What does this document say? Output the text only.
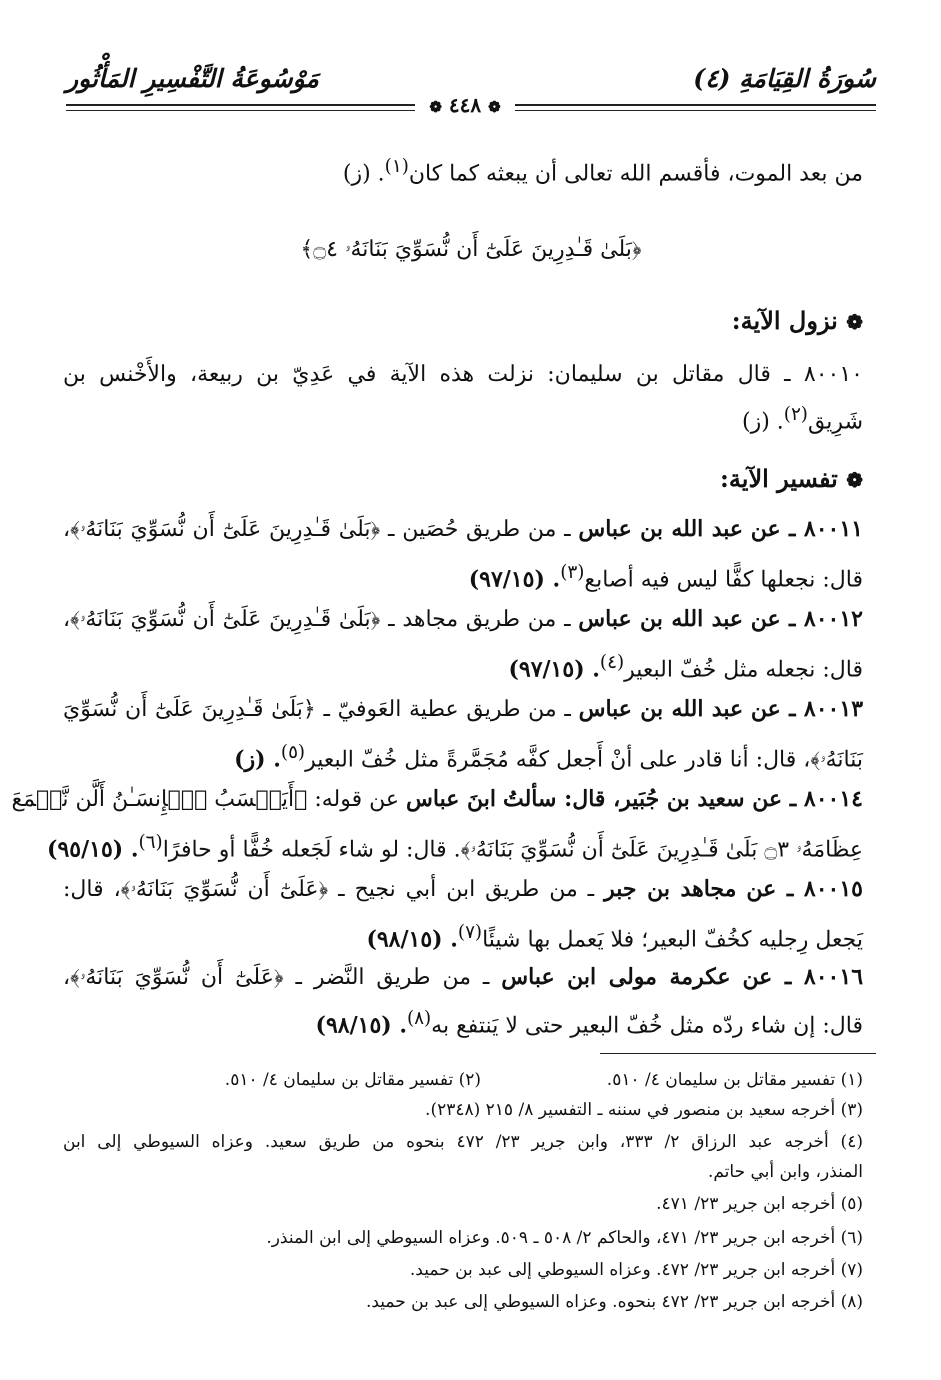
سُورَةُ القِيَامَةِ (٤)
مَوْسُوعَةُ التَّفْسِيرِ المَأْثُور
❁ ٤٤٨ ❁
من بعد الموت، فأقسم الله تعالى أن يبعثه كما كان$^{(١)}$. (ز)
﴿بَلَىٰ قَـٰدِرِينَ عَلَىٰٓ أَن نُّسَوِّيَ بَنَانَهُۥ ۝٤﴾
❁ نزول الآية:
٨٠٠١٠ ـ قال مقاتل بن سليمان: نزلت هذه الآية في عَدِيّ بن ربيعة، والأَخْنس بن
شَرِيق$^{(٢)}$. (ز)
❁ تفسير الآية:
٨٠٠١١ ـ عن عبد الله بن عباس ـ من طريق حُصَين ـ ﴿بَلَىٰ قَـٰدِرِينَ عَلَىٰٓ أَن نُّسَوِّيَ بَنَانَهُۥ﴾،
قال: نجعلها كفًّا ليس فيه أصابع$^{(٣)}$. (٩٧/١٥)
٨٠٠١٢ ـ عن عبد الله بن عباس ـ من طريق مجاهد ـ ﴿بَلَىٰ قَـٰدِرِينَ عَلَىٰٓ أَن نُّسَوِّيَ بَنَانَهُۥ﴾،
قال: نجعله مثل خُفّ البعير$^{(٤)}$. (٩٧/١٥)
٨٠٠١٣ ـ عن عبد الله بن عباس ـ من طريق عطية العَوفيّ ـ ﴿بَلَىٰ قَـٰدِرِينَ عَلَىٰٓ أَن نُّسَوِّيَ
بَنَانَهُۥ﴾، قال: أنا قادر على أنْ أَجعل كفَّه مُجَمَّرةً مثل خُفّ البعير$^{(٥)}$. (ز)
٨٠٠١٤ ـ عن سعيد بن جُبَير، قال: سألتُ ابنَ عباس عن قوله: ﴿أَيَحۡسَبُ ٱلۡإِنسَـٰنُ أَلَّن نَّجۡمَعَ
عِظَامَهُۥ ۝٣ بَلَىٰ قَـٰدِرِينَ عَلَىٰٓ أَن نُّسَوِّيَ بَنَانَهُۥ﴾. قال: لو شاء لَجَعله خُفًّا أو حافرًا$^{(٦)}$. (٩٥/١٥)
٨٠٠١٥ ـ عن مجاهد بن جبر ـ من طريق ابن أبي نجيح ـ ﴿عَلَىٰٓ أَن نُّسَوِّيَ بَنَانَهُۥ﴾، قال:
يَجعل رِجليه كخُفّ البعير؛ فلا يَعمل بها شيئًا$^{(٧)}$. (٩٨/١٥)
٨٠٠١٦ ـ عن عكرمة مولى ابن عباس ـ من طريق النَّضر ـ ﴿عَلَىٰٓ أَن نُّسَوِّيَ بَنَانَهُۥ﴾،
قال: إن شاء ردّه مثل خُفّ البعير حتى لا يَنتفع به$^{(٨)}$. (٩٨/١٥)
(١) تفسير مقاتل بن سليمان ٤/ ٥١٠.
(٢) تفسير مقاتل بن سليمان ٤/ ٥١٠.
(٣) أخرجه سعيد بن منصور في سننه ـ التفسير ٨/ ٢١٥ (٢٣٤٨).
(٤) أخرجه عبد الرزاق ٢/ ٣٣٣، وابن جرير ٢٣/ ٤٧٢ بنحوه من طريق سعيد. وعزاه السيوطي إلى ابن
المنذر، وابن أبي حاتم.
(٥) أخرجه ابن جرير ٢٣/ ٤٧١.
(٦) أخرجه ابن جرير ٢٣/ ٤٧١، والحاكم ٢/ ٥٠٨ ـ ٥٠٩. وعزاه السيوطي إلى ابن المنذر.
(٧) أخرجه ابن جرير ٢٣/ ٤٧٢. وعزاه السيوطي إلى عبد بن حميد.
(٨) أخرجه ابن جرير ٢٣/ ٤٧٢ بنحوه. وعزاه السيوطي إلى عبد بن حميد.
